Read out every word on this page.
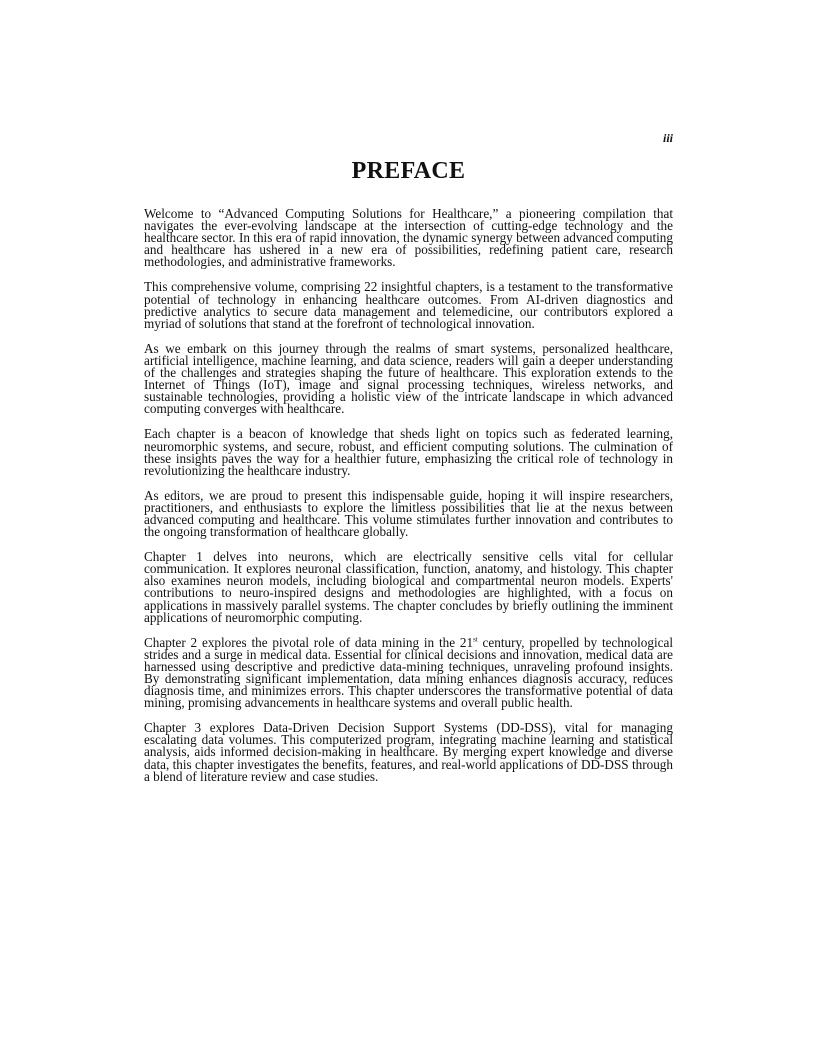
iii
PREFACE

Welcome to “Advanced Computing Solutions for Healthcare,” a pioneering compilation that navigates the ever-evolving landscape at the intersection of cutting-edge technology and the healthcare sector. In this era of rapid innovation, the dynamic synergy between advanced computing and healthcare has ushered in a new era of possibilities, redefining patient care, research methodologies, and administrative frameworks.

This comprehensive volume, comprising 22 insightful chapters, is a testament to the transformative potential of technology in enhancing healthcare outcomes. From AI-driven diagnostics and predictive analytics to secure data management and telemedicine, our contributors explored a myriad of solutions that stand at the forefront of technological innovation.

As we embark on this journey through the realms of smart systems, personalized healthcare, artificial intelligence, machine learning, and data science, readers will gain a deeper understanding of the challenges and strategies shaping the future of healthcare. This exploration extends to the Internet of Things (IoT), image and signal processing techniques, wireless networks, and sustainable technologies, providing a holistic view of the intricate landscape in which advanced computing converges with healthcare.

Each chapter is a beacon of knowledge that sheds light on topics such as federated learning, neuromorphic systems, and secure, robust, and efficient computing solutions. The culmination of these insights paves the way for a healthier future, emphasizing the critical role of technology in revolutionizing the healthcare industry.

As editors, we are proud to present this indispensable guide, hoping it will inspire researchers, practitioners, and enthusiasts to explore the limitless possibilities that lie at the nexus between advanced computing and healthcare. This volume stimulates further innovation and contributes to the ongoing transformation of healthcare globally.

Chapter 1 delves into neurons, which are electrically sensitive cells vital for cellular communication. It explores neuronal classification, function, anatomy, and histology. This chapter also examines neuron models, including biological and compartmental neuron models. Experts' contributions to neuro-inspired designs and methodologies are highlighted, with a focus on applications in massively parallel systems. The chapter concludes by briefly outlining the imminent applications of neuromorphic computing.

Chapter 2 explores the pivotal role of data mining in the 21st century, propelled by technological strides and a surge in medical data. Essential for clinical decisions and innovation, medical data are harnessed using descriptive and predictive data-mining techniques, unraveling profound insights. By demonstrating significant implementation, data mining enhances diagnosis accuracy, reduces diagnosis time, and minimizes errors. This chapter underscores the transformative potential of data mining, promising advancements in healthcare systems and overall public health.

Chapter 3 explores Data-Driven Decision Support Systems (DD-DSS), vital for managing escalating data volumes. This computerized program, integrating machine learning and statistical analysis, aids informed decision-making in healthcare. By merging expert knowledge and diverse data, this chapter investigates the benefits, features, and real-world applications of DD-DSS through a blend of literature review and case studies.
